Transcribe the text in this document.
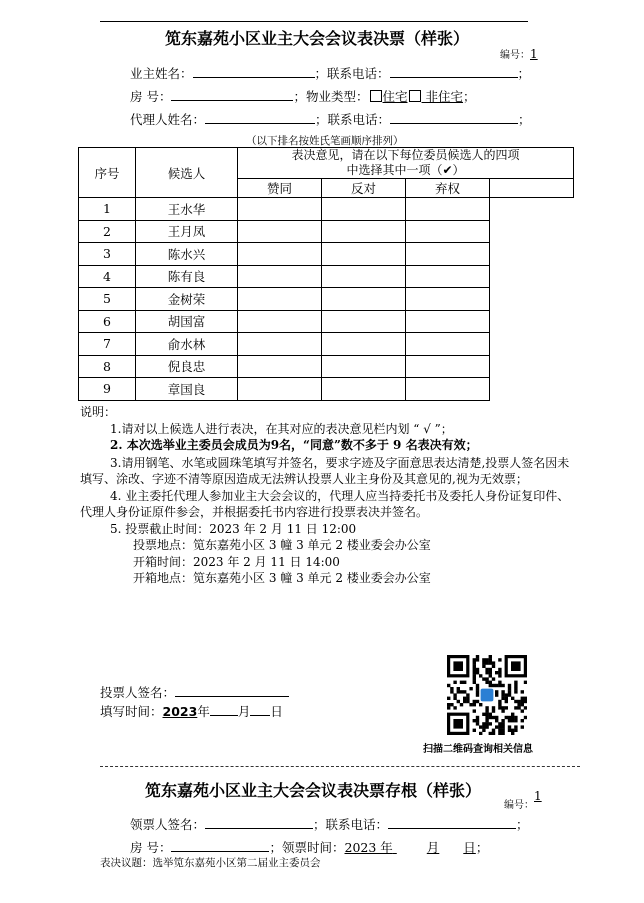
笕东嘉苑小区业主大会会议表决票（样张）
编号：1
业主姓名：	；联系电话：	；
房 号：	；物业类型： 住宅 非住宅；
代理人姓名：	；联系电话：	；
（以下排名按姓氏笔画顺序排列）
序号	候选人	表决意见，请在以下每位委员候选人的四项
中选择其中一项（✔）			

		赞同	反对	弃权	
1	王水华				
2	王月凤				
3	陈水兴				
4	陈有良				
5	金树荣				
6	胡国富				
7	俞水林				
8	倪良忠				
9	章国良				
说明：
1.请对以上候选人进行表决，在其对应的表决意见栏内划 “ √ ”；
2. 本次选举业主委员会成员为9名，“同意”数不多于 9 名表决有效；
3.请用钢笔、水笔或圆珠笔填写并签名，要求字迹及字面意思表达清楚,投票人签名因未填写、涂改、字迹不清等原因造成无法辨认投票人业主身份及其意见的,视为无效票；
4. 业主委托代理人参加业主大会会议的，代理人应当持委托书及委托人身份证复印件、代理人身份证原件参会，并根据委托书内容进行投票表决并签名。
5. 投票截止时间：2023 年 2 月 11 日 12:00
投票地点：笕东嘉苑小区 3 幢 3 单元 2 楼业委会办公室
开箱时间：2023 年 2 月 11 日 14:00
开箱地点：笕东嘉苑小区 3 幢 3 单元 2 楼业委会办公室
投票人签名：
填写时间：2023年 月 日
扫描二维码查询相关信息
笕东嘉苑小区业主大会会议表决票存根（样张）
编号：1
领票人签名：	；联系电话：	；
房 号：	；领票时间：2023 年	月 日；
表决议题：选举笕东嘉苑小区第二届业主委员会
